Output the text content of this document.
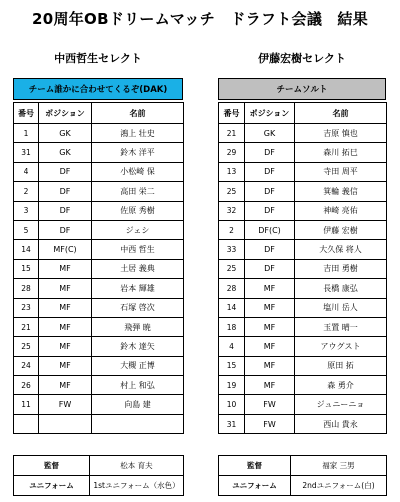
20周年OBドリームマッチ　ドラフト会議　結果
中西哲生セレクト
チーム誰かに合わせてくるぞ(DAK)
番号	ポジション	名前
1	GK	鴻上 壮史
31	GK	鈴木 洋平
4	DF	小松崎 保
2	DF	高田 栄二
3	DF	佐原 秀樹
5	DF	ジェシ
14	MF(C)	中西 哲生
15	MF	土居 義典
28	MF	岩本 輝雄
23	MF	石塚 啓次
21	MF	飛弾 暁
25	MF	鈴木 達矢
24	MF	大槻 正博
26	MF	村上 和弘
11	FW	向島 建

監督	松本 育夫
ユニフォーム	1stユニフォーム（水色）
伊藤宏樹セレクト
チームソルト
番号	ポジション	名前
21	GK	吉原 慎也
29	DF	森川 拓巳
13	DF	寺田 周平
25	DF	箕輪 義信
32	DF	神崎 亮佑
2	DF(C)	伊藤 宏樹
33	DF	大久保 将人
25	DF	吉田 勇樹
28	MF	長橋 康弘
14	MF	塩川 岳人
18	MF	玉置 晴一
4	MF	アウグスト
15	MF	原田 拓
19	MF	森 勇介
10	FW	ジュニーニョ
31	FW	西山 貴永
監督	福家 三男
ユニフォーム	2ndユニフォーム(白)
